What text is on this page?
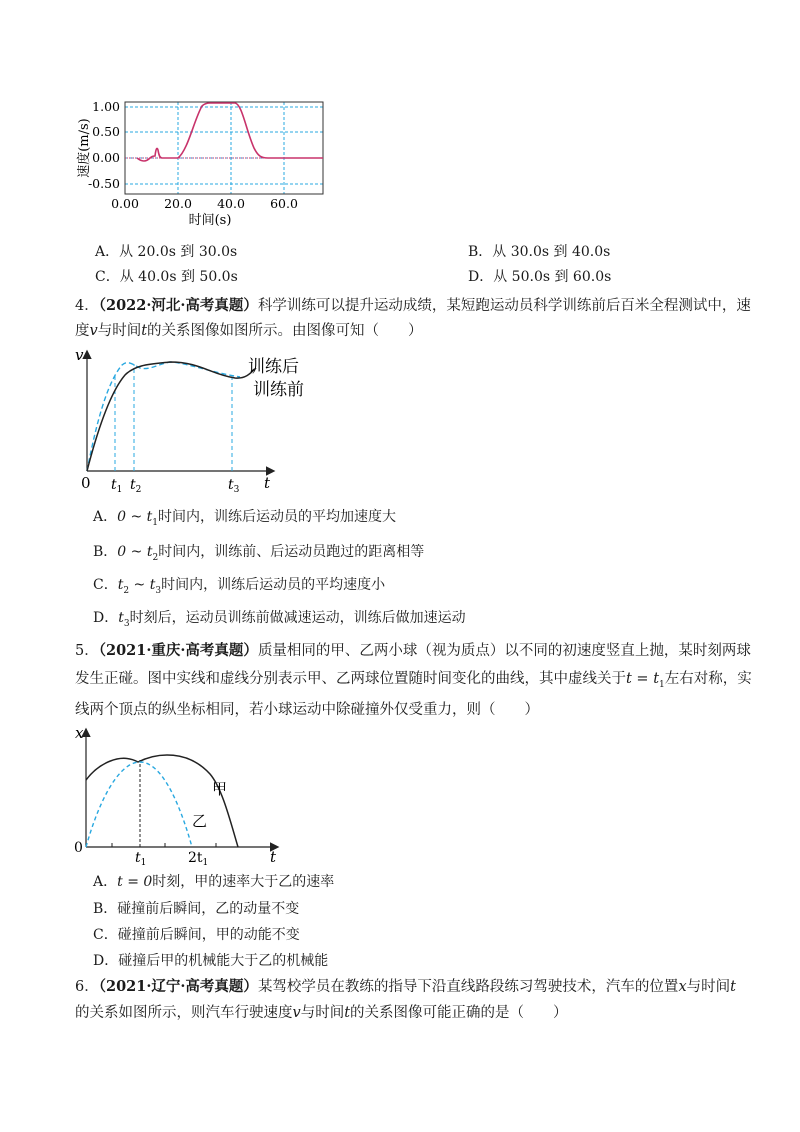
1.00
0.50
0.00
-0.50
0.00 20.0 40.0 60.0
时间(s)
速度(m/s)
A．从 20.0s 到 30.0s	B．从 30.0s 到 40.0s
C．从 40.0s 到 50.0s	D．从 50.0s 到 60.0s
4．（2022·河北·高考真题）科学训练可以提升运动成绩，某短跑运动员科学训练前后百米全程测试中，速
度v与时间t的关系图像如图所示。由图像可知（　　）
v
t
0 $t_1$ $t_2$	$t_3$
训练后
训练前
A．0 ~ $t_1$时间内，训练后运动员的平均加速度大
B．0 ~ $t_2$时间内，训练前、后运动员跑过的距离相等
C．$t_2$ ~ $t_3$时间内，训练后运动员的平均速度小
D．$t_3$时刻后，运动员训练前做减速运动，训练后做加速运动
5．（2021·重庆·高考真题）质量相同的甲、乙两小球（视为质点）以不同的初速度竖直上抛，某时刻两球
发生正碰。图中实线和虚线分别表示甲、乙两球位置随时间变化的曲线，其中虚线关于$t = t_1$左右对称，实
线两个顶点的纵坐标相同，若小球运动中除碰撞外仅受重力，则（　　）
x
t
0
$t_1$	$2t_1$
甲
乙
A．t = 0时刻，甲的速率大于乙的速率
B．碰撞前后瞬间，乙的动量不变
C．碰撞前后瞬间，甲的动能不变
D．碰撞后甲的机械能大于乙的机械能
6．（2021·辽宁·高考真题）某驾校学员在教练的指导下沿直线路段练习驾驶技术，汽车的位置x与时间t
的关系如图所示，则汽车行驶速度v与时间t的关系图像可能正确的是（　　）
